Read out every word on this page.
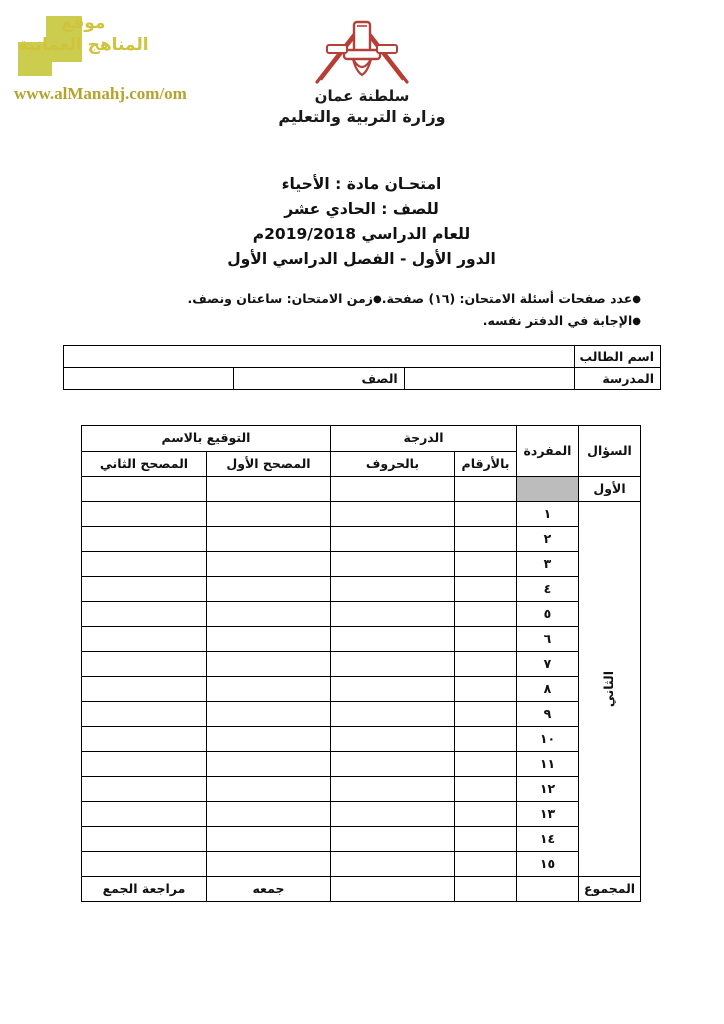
موقع
المناهج العمانية
www.alManahj.com/om	سلطنة عمان
وزارة التربية والتعليم
امتحـان مادة : الأحياء
للصف : الحادي عشر
للعام الدراسي 2019/2018م
الدور الأول - الفصل الدراسي الأول
●زمن الامتحان: ساعتان ونصف.	●عدد صفحات أسئلة الامتحان: (١٦) صفحة.
●الإجابة في الدفتر نفسه.
اسم الطالب			
المدرسة		الصف	
السؤال	المفردة	الدرجة		التوقيع بالاسم	
		بالأرقام	بالحروف	المصحح الأول	المصحح الثاني
الأول					

الثاني	١				
	٢				
	٣				
	٤				
	٥				
	٦				
	٧				
	٨				
	٩				
	١٠				
	١١				
	١٢				
	١٣				
	١٤				
	١٥				
المجموع				جمعه	مراجعة الجمع
